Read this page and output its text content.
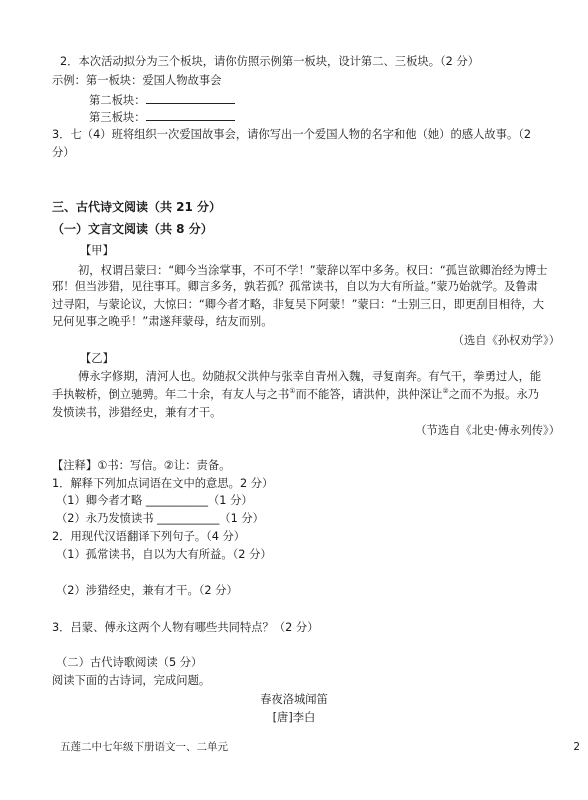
2．本次活动拟分为三个板块，请你仿照示例第一板块，设计第二、三板块。（2 分）
示例：第一板块：爱国人物故事会
第二板块：
第三板块：
3．七（4）班将组织一次爱国故事会，请你写出一个爱国人物的名字和他（她）的感人故事。（2
分）
三、古代诗文阅读（共 21 分）
（一）文言文阅读（共 8 分）
【甲】
初，权谓吕蒙曰：“卿今当涂掌事，不可不学！”蒙辞以军中多务。权曰：“孤岂欲卿治经为博士
邪！但当涉猎，见往事耳。卿言多务，孰若孤？孤常读书，自以为大有所益。”蒙乃始就学。及鲁肃
过寻阳，与蒙论议，大惊曰：“卿今者才略，非复吴下阿蒙！”蒙曰：“士别三日，即更刮目相待，大
兄何见事之晚乎！”肃遂拜蒙母，结友而别。
（选自《孙权劝学》）
【乙】
傅永字修期，清河人也。幼随叔父洪仲与张幸自青州入魏，寻复南奔。有气干，拳勇过人，能
手执鞍桥，倒立驰骋。年二十余，有友人与之书①而不能答，请洪仲，洪仲深让②之而不为报。永乃
发愤读书，涉猎经史，兼有才干。
（节选自《北史·傅永列传》）
【注释】①书：写信。②让：责备。
1．解释下列加点词语在文中的意思。2 分）
（1）卿今者才略 ___________（1 分）
（2）永乃发愤读书 ___________（1 分）
2．用现代汉语翻译下列句子。（4 分）
（1）孤常读书，自以为大有所益。（2 分）
（2）涉猎经史，兼有才干。（2 分）
3．吕蒙、傅永这两个人物有哪些共同特点？（2 分）
（二）古代诗歌阅读（5 分）
阅读下面的古诗词，完成问题。
春夜洛城闻笛
[唐]李白
五莲二中七年级下册语文一、二单元	2
